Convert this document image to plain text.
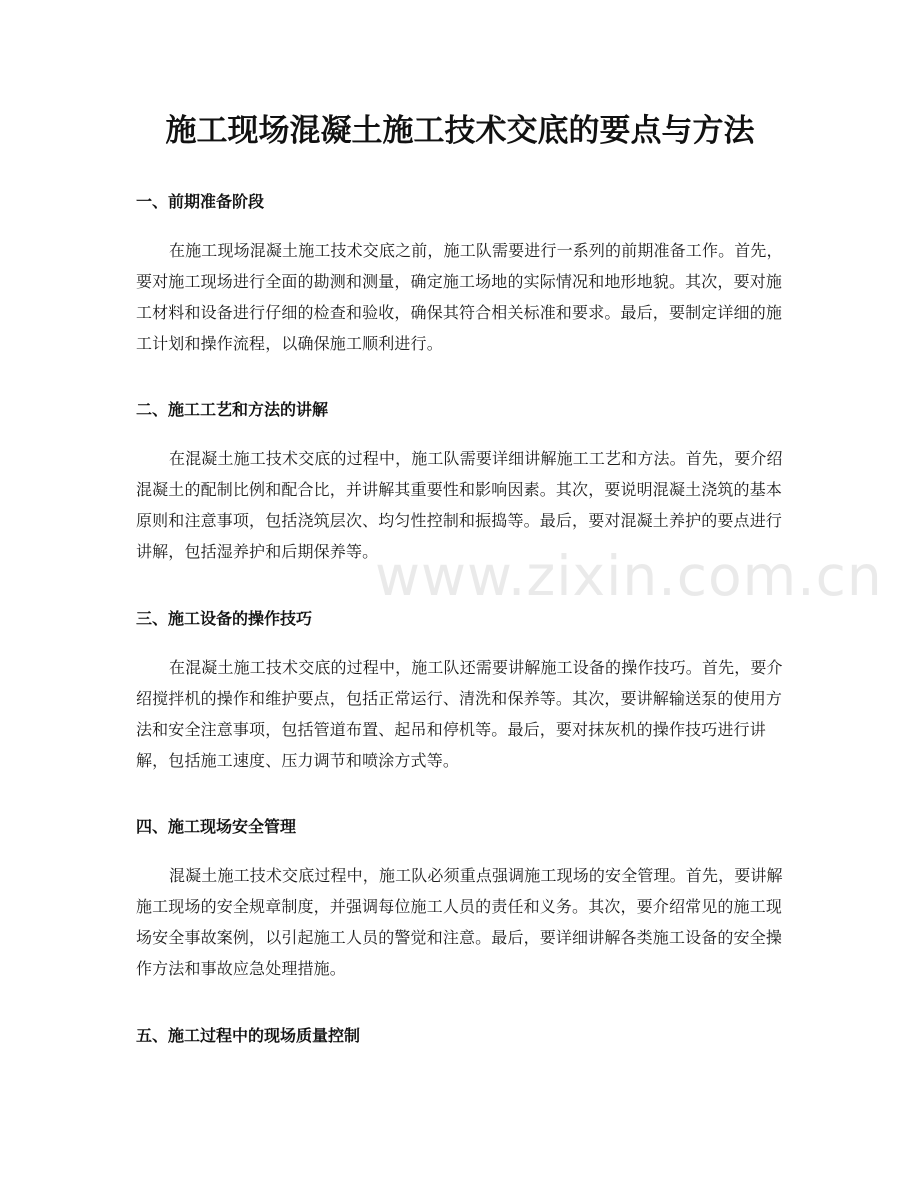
施工现场混凝土施工技术交底的要点与方法
一、前期准备阶段

在施工现场混凝土施工技术交底之前，施工队需要进行一系列的前期准备工作。首先，要对施工现场进行全面的勘测和测量，确定施工场地的实际情况和地形地貌。其次，要对施工材料和设备进行仔细的检查和验收，确保其符合相关标准和要求。最后，要制定详细的施工计划和操作流程，以确保施工顺利进行。

二、施工工艺和方法的讲解

在混凝土施工技术交底的过程中，施工队需要详细讲解施工工艺和方法。首先，要介绍混凝土的配制比例和配合比，并讲解其重要性和影响因素。其次，要说明混凝土浇筑的基本原则和注意事项，包括浇筑层次、均匀性控制和振捣等。最后，要对混凝土养护的要点进行讲解，包括湿养护和后期保养等。

三、施工设备的操作技巧

在混凝土施工技术交底的过程中，施工队还需要讲解施工设备的操作技巧。首先，要介绍搅拌机的操作和维护要点，包括正常运行、清洗和保养等。其次，要讲解输送泵的使用方法和安全注意事项，包括管道布置、起吊和停机等。最后，要对抹灰机的操作技巧进行讲解，包括施工速度、压力调节和喷涂方式等。

四、施工现场安全管理

混凝土施工技术交底过程中，施工队必须重点强调施工现场的安全管理。首先，要讲解施工现场的安全规章制度，并强调每位施工人员的责任和义务。其次，要介绍常见的施工现场安全事故案例，以引起施工人员的警觉和注意。最后，要详细讲解各类施工设备的安全操作方法和事故应急处理措施。

五、施工过程中的现场质量控制
www.zixin.com.cn
